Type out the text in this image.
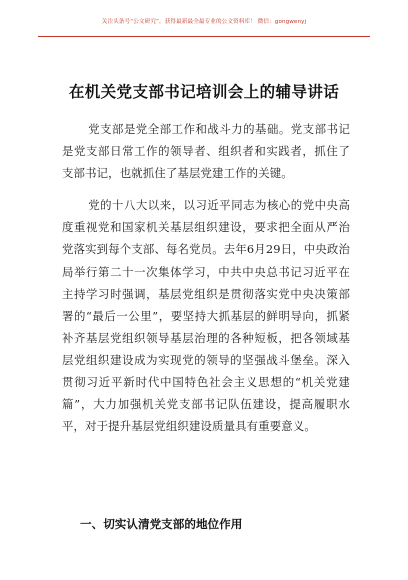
关注头条号“公文研究”，获得最新最全最专业的公文资料库！ 微信：gongwenyj
在机关党支部书记培训会上的辅导讲话

党支部是党全部工作和战斗力的基础。党支部书记是党支部日常工作的领导者、组织者和实践者，抓住了支部书记，也就抓住了基层党建工作的关键。

党的十八大以来，以习近平同志为核心的党中央高度重视党和国家机关基层组织建设，要求把全面从严治党落实到每个支部、每名党员。去年6月29日，中央政治局举行第二十一次集体学习，中共中央总书记习近平在主持学习时强调，基层党组织是贯彻落实党中央决策部署的“最后一公里”，要坚持大抓基层的鲜明导向，抓紧补齐基层党组织领导基层治理的各种短板，把各领域基层党组织建设成为实现党的领导的坚强战斗堡垒。深入贯彻习近平新时代中国特色社会主义思想的“机关党建篇”，大力加强机关党支部书记队伍建设，提高履职水平，对于提升基层党组织建设质量具有重要意义。

一、切实认清党支部的地位作用
